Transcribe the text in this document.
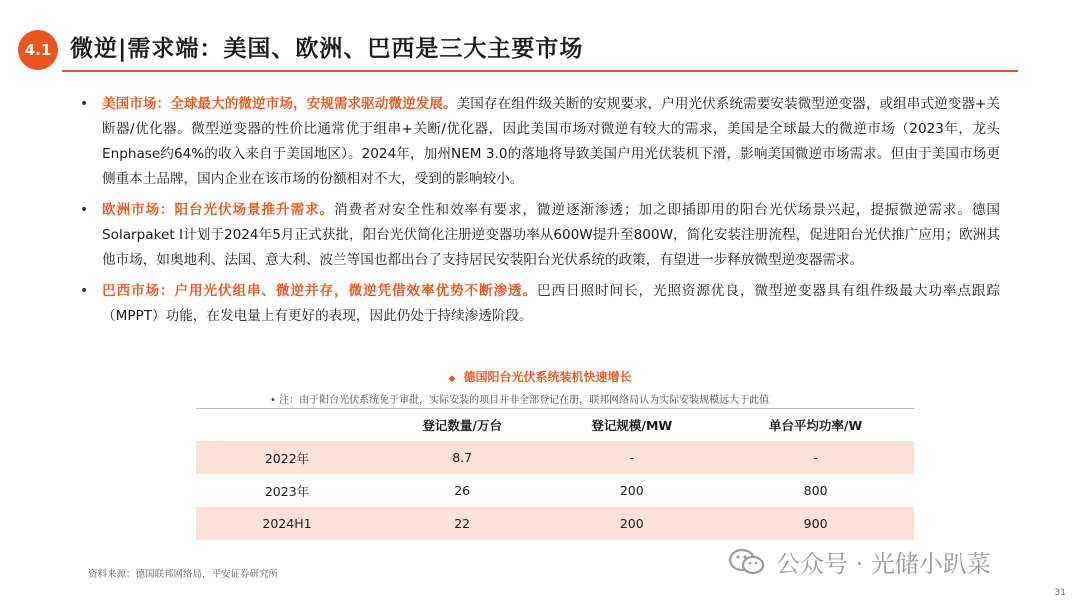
4.1 微逆|需求端：美国、欧洲、巴西是三大主要市场
• 美国市场：全球最大的微逆市场，安规需求驱动微逆发展。美国存在组件级关断的安规要求，户用光伏系统需要安装微型逆变器，或组串式逆变器+关断器/优化器。微型逆变器的性价比通常优于组串+关断/优化器，因此美国市场对微逆有较大的需求，美国是全球最大的微逆市场（2023年，龙头Enphase约64%的收入来自于美国地区）。2024年，加州NEM 3.0的落地将导致美国户用光伏装机下滑，影响美国微逆市场需求。但由于美国市场更侧重本土品牌，国内企业在该市场的份额相对不大，受到的影响较小。
• 欧洲市场：阳台光伏场景推升需求。消费者对安全性和效率有要求，微逆逐渐渗透；加之即插即用的阳台光伏场景兴起，提振微逆需求。德国Solarpaket I计划于2024年5月正式获批，阳台光伏简化注册逆变器功率从600W提升至800W，简化安装注册流程，促进阳台光伏推广应用；欧洲其他市场，如奥地利、法国、意大利、波兰等国也都出台了支持居民安装阳台光伏系统的政策，有望进一步释放微型逆变器需求。
• 巴西市场：户用光伏组串、微逆并存，微逆凭借效率优势不断渗透。巴西日照时间长，光照资源优良，微型逆变器具有组件级最大功率点跟踪（MPPT）功能，在发电量上有更好的表现，因此仍处于持续渗透阶段。
◆ 德国阳台光伏系统装机快速增长
• 注：由于阳台光伏系统免于审批，实际安装的项目并非全部登记在册，联邦网络局认为实际安装规模远大于此值
	登记数量/万台	登记规模/MW	单台平均功率/W
2022年	8.7	-	-
2023年	26	200	800
2024H1	22	200	900
资料来源：德国联邦网络局，平安证券研究所	公众号 · 光储小趴菜
31
